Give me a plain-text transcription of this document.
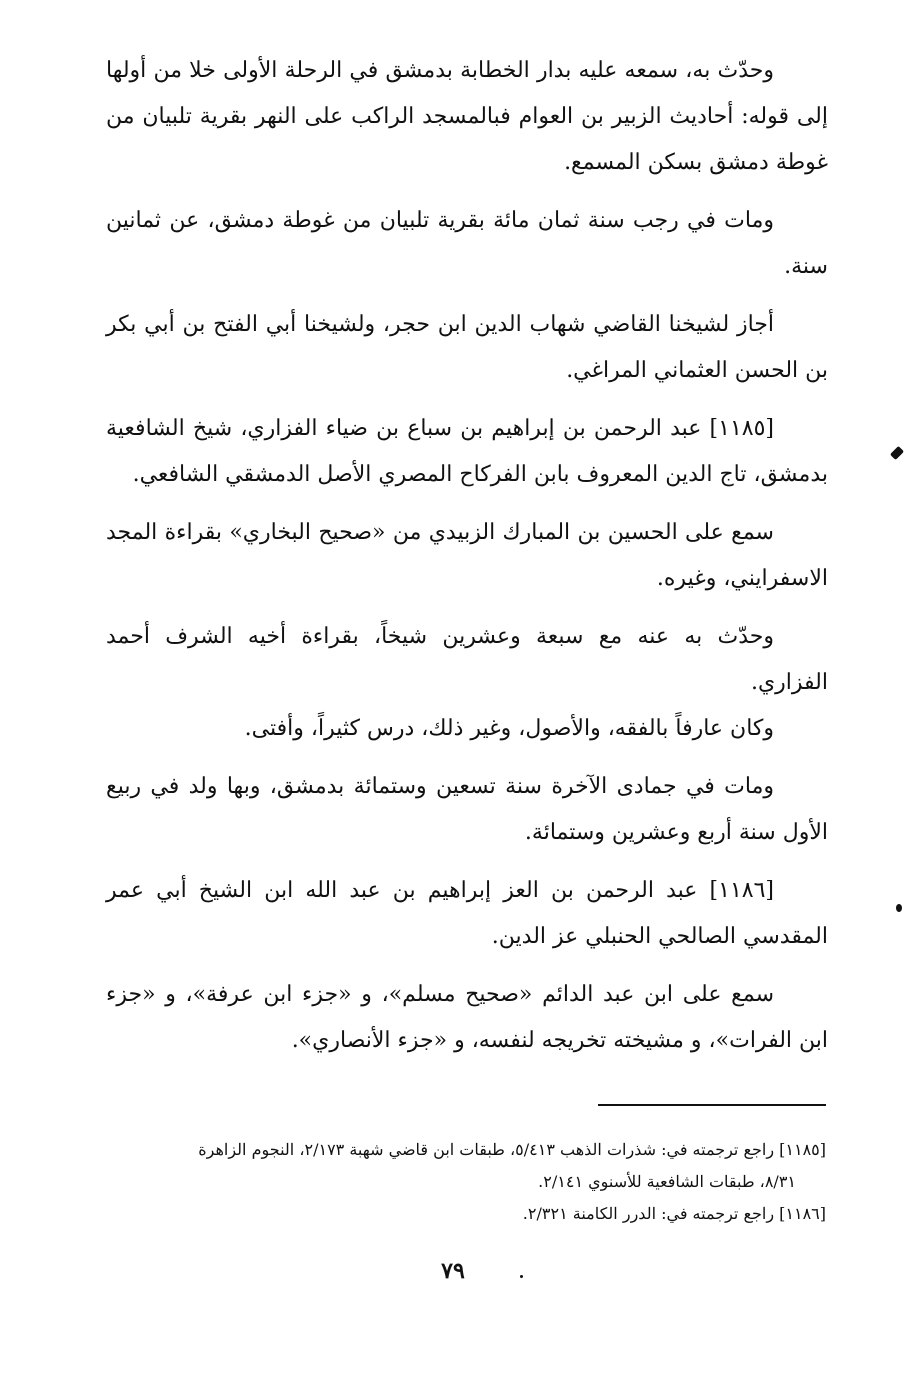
وحدّث به، سمعه عليه بدار الخطابة بدمشق في الرحلة الأولى خلا من أولها إلى قوله: أحاديث الزبير بن العوام فبالمسجد الراكب على النهر بقرية تلبيان من غوطة دمشق بسكن المسمع.

ومات في رجب سنة ثمان مائة بقرية تلبيان من غوطة دمشق، عن ثمانين سنة.

أجاز لشيخنا القاضي شهاب الدين ابن حجر، ولشيخنا أبي الفتح بن أبي بكر بن الحسن العثماني المراغي.

[١١٨٥] عبد الرحمن بن إبراهيم بن سباع بن ضياء الفزاري، شيخ الشافعية بدمشق، تاج الدين المعروف بابن الفركاح المصري الأصل الدمشقي الشافعي.

سمع على الحسين بن المبارك الزبيدي من «صحيح البخاري» بقراءة المجد الاسفرايني، وغيره.

وحدّث به عنه مع سبعة وعشرين شيخاً، بقراءة أخيه الشرف أحمد الفزاري.

وكان عارفاً بالفقه، والأصول، وغير ذلك، درس كثيراً، وأفتى.

ومات في جمادى الآخرة سنة تسعين وستمائة بدمشق، وبها ولد في ربيع الأول سنة أربع وعشرين وستمائة.

[١١٨٦] عبد الرحمن بن العز إبراهيم بن عبد الله ابن الشيخ أبي عمر المقدسي الصالحي الحنبلي عز الدين.

سمع على ابن عبد الدائم «صحيح مسلم»، و «جزء ابن عرفة»، و «جزء ابن الفرات»، و مشيخته تخريجه لنفسه، و «جزء الأنصاري».

[١١٨٥] راجع ترجمته في: شذرات الذهب ٥/٤١٣، طبقات ابن قاضي شهبة ٢/١٧٣، النجوم الزاهرة

٨/٣١، طبقات الشافعية للأسنوي ٢/١٤١.

[١١٨٦] راجع ترجمته في: الدرر الكامنة ٢/٣٢١.

٧٩
